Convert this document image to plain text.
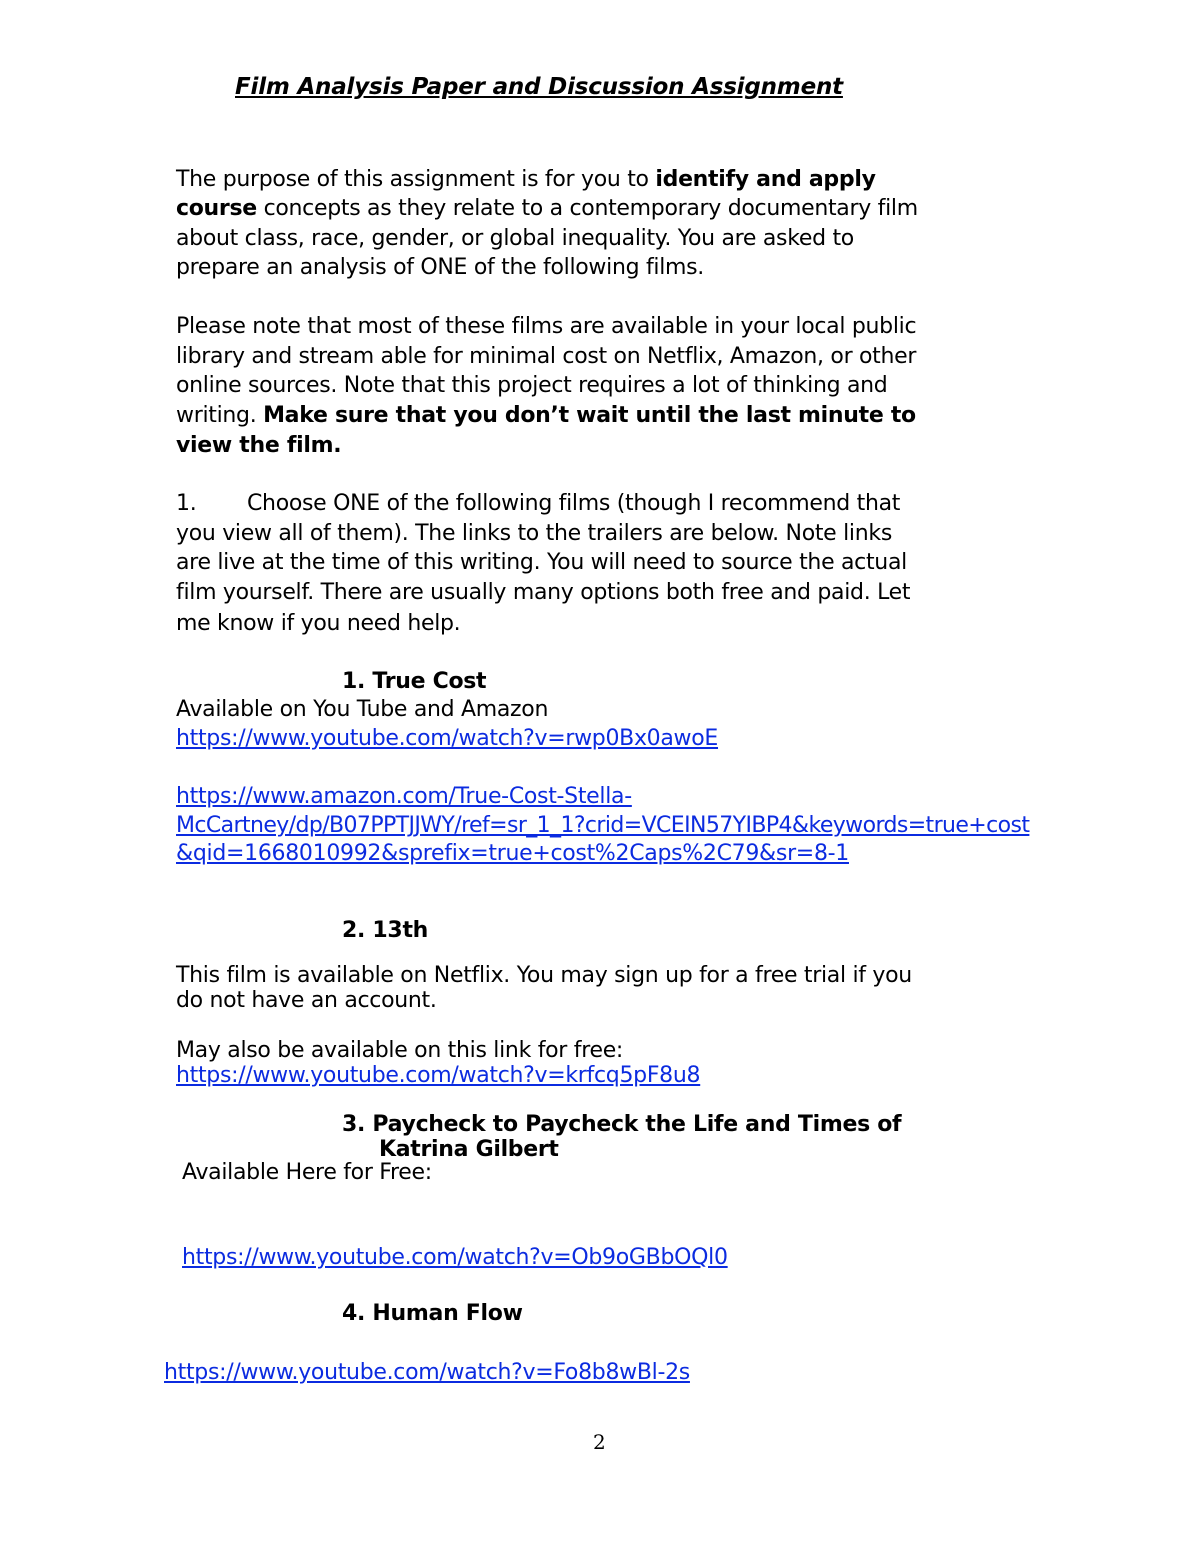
Film Analysis Paper and Discussion Assignment
The purpose of this assignment is for you to identify and apply
course concepts as they relate to a contemporary documentary film
about class, race, gender, or global inequality. You are asked to
prepare an analysis of ONE of the following films.
Please note that most of these films are available in your local public
library and stream able for minimal cost on Netflix, Amazon, or other
online sources. Note that this project requires a lot of thinking and
writing. Make sure that you don’t wait until the last minute to
view the film.
1. Choose ONE of the following films (though I recommend that
you view all of them). The links to the trailers are below. Note links
are live at the time of this writing. You will need to source the actual
film yourself. There are usually many options both free and paid. Let
me know if you need help.
1. True Cost
Available on You Tube and Amazon
https://www.youtube.com/watch?v=rwp0Bx0awoE
https://www.amazon.com/True-Cost-Stella-
McCartney/dp/B07PPTJJWY/ref=sr_1_1?crid=VCEIN57YIBP4&keywords=true+cost
&qid=1668010992&sprefix=true+cost%2Caps%2C79&sr=8-1
2. 13th
This film is available on Netflix. You may sign up for a free trial if you
do not have an account.
May also be available on this link for free:
https://www.youtube.com/watch?v=krfcq5pF8u8
3. Paycheck to Paycheck the Life and Times of
Katrina Gilbert
Available Here for Free:
https://www.youtube.com/watch?v=Ob9oGBbOQl0
4. Human Flow
https://www.youtube.com/watch?v=Fo8b8wBl-2s
2
